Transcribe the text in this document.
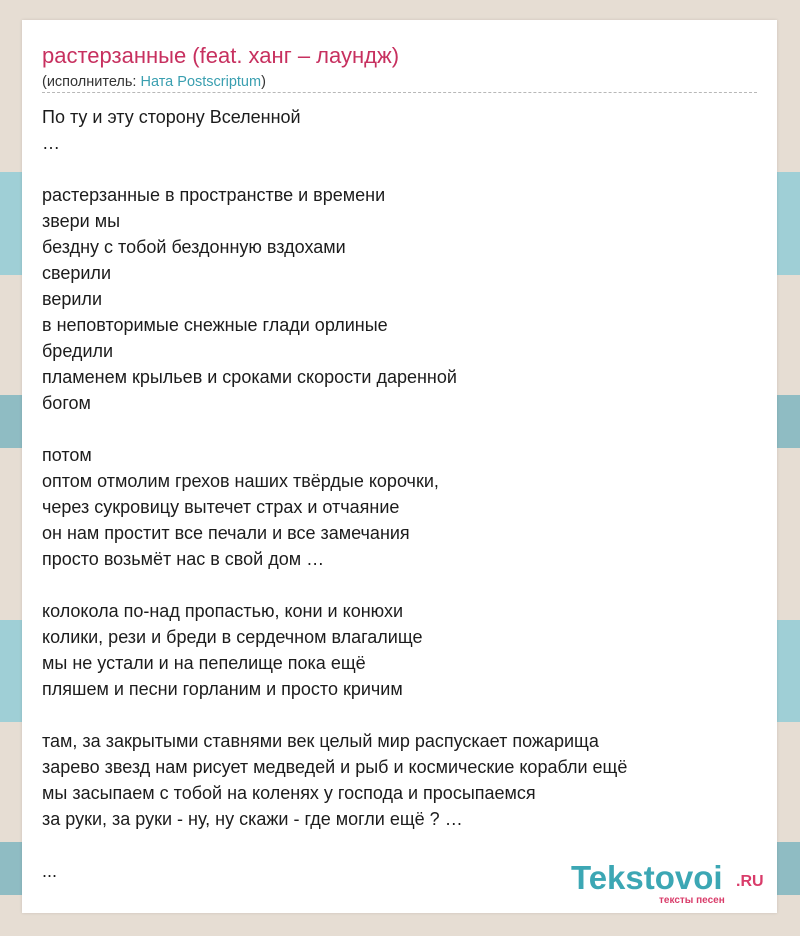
растерзанные (feat. ханг – лаундж)
(исполнитель: Ната Postscriptum)
По ту и эту сторону Вселенной
…

растерзанные в пространстве и времени
звери мы
бездну с тобой бездонную вздохами
сверили
верили
в неповторимые снежные глади орлиные
бредили
пламенем крыльев и сроками скорости даренной
богом

потом
оптом отмолим грехов наших твёрдые корочки,
через сукровицу вытечет страх и отчаяние
он нам простит все печали и все замечания
просто возьмёт нас в свой дом …

колокола по-над пропастью, кони и конюхи
колики, рези и бреди в сердечном влагалище
мы не устали и на пепелище пока ещё
пляшем и песни горланим и просто кричим

там, за закрытыми ставнями век целый мир распускает пожарища
зарево звезд нам рисует медведей и рыб и космические корабли ещё
мы засыпаем с тобой на коленях у господа и просыпаемся
за руки, за руки - ну, ну скажи - где могли ещё ? …

...	Tekstovoi .RU
тексты песен
